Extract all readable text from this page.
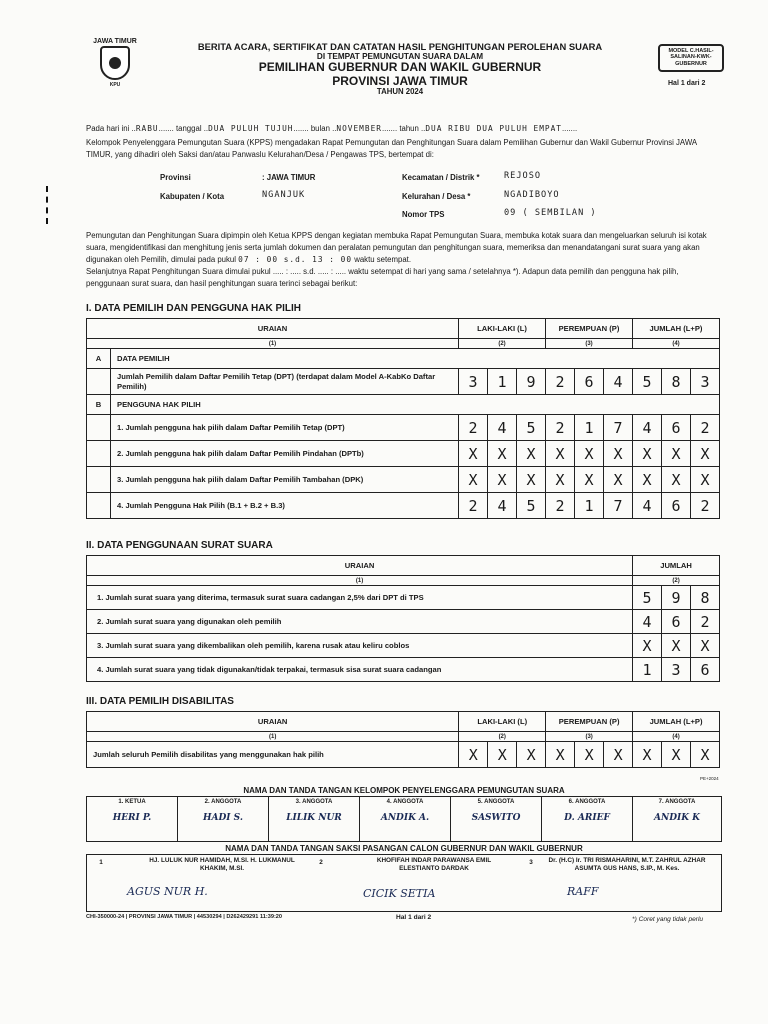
JAWA TIMUR
KPU
BERITA ACARA, SERTIFIKAT DAN CATATAN HASIL PENGHITUNGAN PEROLEHAN SUARA
DI TEMPAT PEMUNGUTAN SUARA DALAM
PEMILIHAN GUBERNUR DAN WAKIL GUBERNUR
PROVINSI JAWA TIMUR
TAHUN 2024
MODEL C.HASIL-SALINAN-KWK-GUBERNUR
Hal 1 dari 2
Pada hari ini ..RABU....... tanggal ..DUA PULUH TUJUH....... bulan ..NOVEMBER....... tahun ..DUA RIBU DUA PULUH EMPAT.......
Kelompok Penyelenggara Pemungutan Suara (KPPS) mengadakan Rapat Pemungutan dan Penghitungan Suara dalam Pemilihan Gubernur dan Wakil Gubernur Provinsi JAWA TIMUR, yang dihadiri oleh Saksi dan/atau Panwaslu Kelurahan/Desa / Pengawas TPS, bertempat di:
Provinsi	: JAWA TIMUR
Kabupaten / Kota	NGANJUK
Kecamatan / Distrik *	REJOSO
Kelurahan / Desa *	NGADIBOYO
Nomor TPS	09 ( SEMBILAN )
Pemungutan dan Penghitungan Suara dipimpin oleh Ketua KPPS dengan kegiatan membuka Rapat Pemungutan Suara, membuka kotak suara dan mengeluarkan seluruh isi kotak suara, mengidentifikasi dan menghitung jenis serta jumlah dokumen dan peralatan pemungutan dan penghitungan suara, memeriksa dan menandatangani surat suara yang akan digunakan oleh Pemilih, dimulai pada pukul 07 : 00 s.d. 13 : 00 waktu setempat.
Selanjutnya Rapat Penghitungan Suara dimulai pukul ..... : ..... s.d. ..... : ..... waktu setempat di hari yang sama / setelahnya *). Adapun data pemilih dan pengguna hak pilih, penggunaan surat suara, dan hasil penghitungan suara terinci sebagai berikut:
I. DATA PEMILIH DAN PENGGUNA HAK PILIH
URAIAN		LAKI-LAKI (L)			PEREMPUAN (P)			JUMLAH (L+P)		
(1)		(2)			(3)			(4)		
A	DATA PEMILIH									
	Jumlah Pemilih dalam Daftar Pemilih Tetap (DPT) (terdapat dalam Model A-KabKo Daftar Pemilih)	3	1	9	2	6	4	5	8	3
B	PENGGUNA HAK PILIH									
	1. Jumlah pengguna hak pilih dalam Daftar Pemilih Tetap (DPT)	2	4	5	2	1	7	4	6	2
	2. Jumlah pengguna hak pilih dalam Daftar Pemilih Pindahan (DPTb)	X	X	X	X	X	X	X	X	X
	3. Jumlah pengguna hak pilih dalam Daftar Pemilih Tambahan (DPK)	X	X	X	X	X	X	X	X	X
	4. Jumlah Pengguna Hak Pilih (B.1 + B.2 + B.3)	2	4	5	2	1	7	4	6	2
II. DATA PENGGUNAAN SURAT SUARA
URAIAN	JUMLAH		
(1)	(2)		
1. Jumlah surat suara yang diterima, termasuk surat suara cadangan 2,5% dari DPT di TPS	5	9	8
2. Jumlah surat suara yang digunakan oleh pemilih	4	6	2
3. Jumlah surat suara yang dikembalikan oleh pemilih, karena rusak atau keliru coblos	X	X	X
4. Jumlah surat suara yang tidak digunakan/tidak terpakai, termasuk sisa surat suara cadangan	1	3	6
III. DATA PEMILIH DISABILITAS
URAIAN	LAKI-LAKI (L)			PEREMPUAN (P)			JUMLAH (L+P)		
(1)	(2)			(3)			(4)		
Jumlah seluruh Pemilih disabilitas yang menggunakan hak pilih	X	X	X	X	X	X	X	X	X
PE+2024
NAMA DAN TANDA TANGAN KELOMPOK PENYELENGGARA PEMUNGUTAN SUARA
1. KETUA
HERI P.
2. ANGGOTA
HADI S.
3. ANGGOTA
LILIK NUR
4. ANGGOTA
ANDIK A.
5. ANGGOTA
SASWITO
6. ANGGOTA
D. ARIEF
7. ANGGOTA
ANDIK K
NAMA DAN TANDA TANGAN SAKSI PASANGAN CALON GUBERNUR DAN WAKIL GUBERNUR
1	HJ. LULUK NUR HAMIDAH, M.SI. H. LUKMANUL KHAKIM, M.SI.
AGUS NUR H.
2	KHOFIFAH INDAR PARAWANSA EMIL ELESTIANTO DARDAK
CICIK SETIA
3	Dr. (H.C) Ir. TRI RISMAHARINI, M.T. ZAHRUL AZHAR ASUMTA GUS HANS, S.IP., M. Kes.
RAFF
CHI-350000-24 | PROVINSI JAWA TIMUR | 44530294 | D262429291 11:39:20	Hal 1 dari 2	*) Coret yang tidak perlu
